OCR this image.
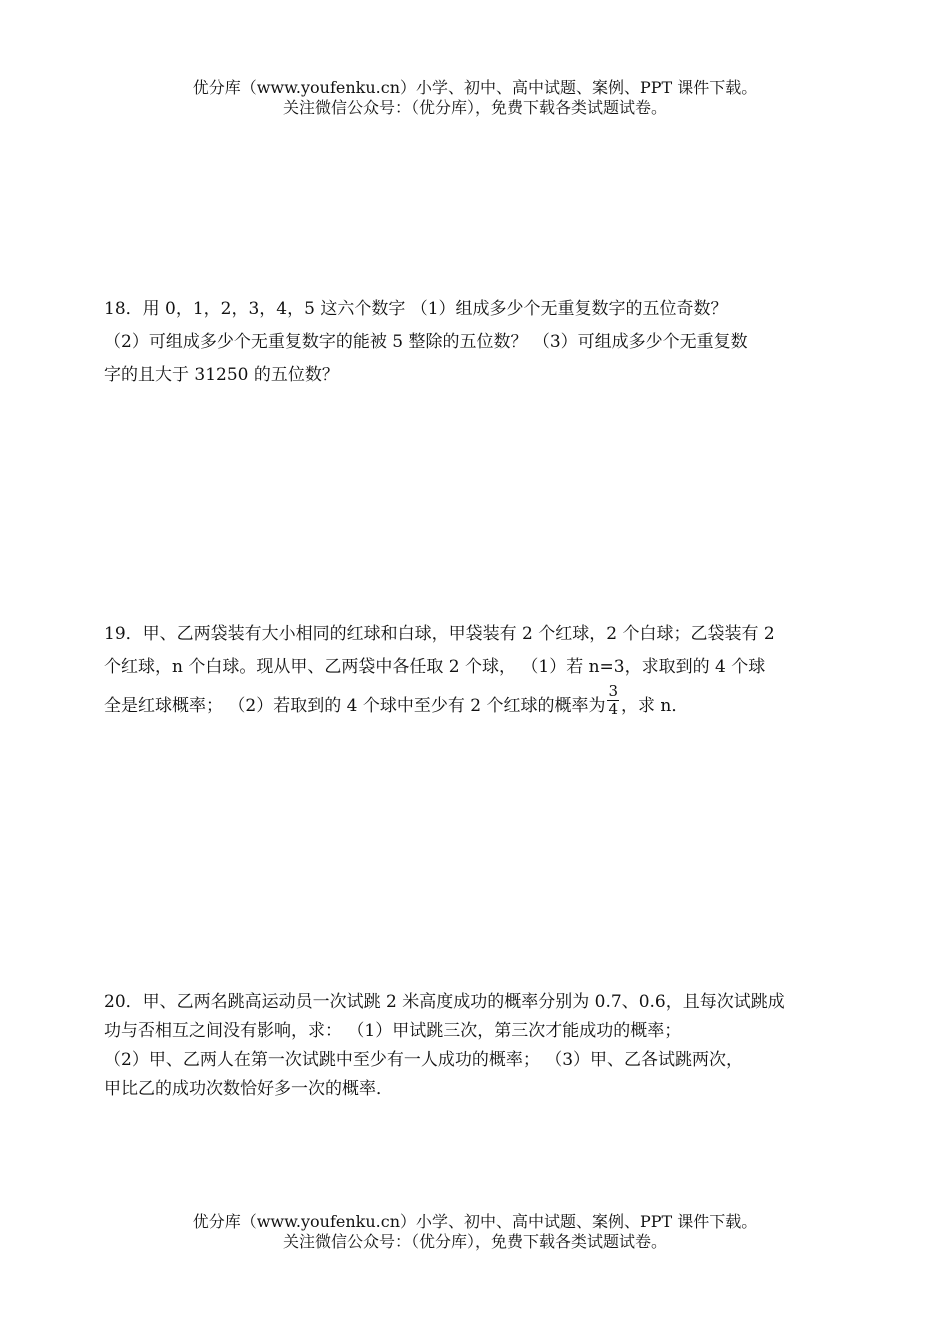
优分库（www.youfenku.cn）小学、初中、高中试题、案例、PPT 课件下载。
关注微信公众号：（优分库），免费下载各类试题试卷。
18．用 0，1，2，3，4，5 这六个数字 （1）组成多少个无重复数字的五位奇数？
（2）可组成多少个无重复数字的能被 5 整除的五位数？ （3）可组成多少个无重复数
字的且大于 31250 的五位数？
19．甲、乙两袋装有大小相同的红球和白球，甲袋装有 2 个红球，2 个白球；乙袋装有 2
个红球，n 个白球。现从甲、乙两袋中各任取 2 个球， （1）若 n=3，求取到的 4 个球
全是红球概率； （2）若取到的 4 个球中至少有 2 个红球的概率为 $\frac{3}{4}$ ，求 n．
20．甲、乙两名跳高运动员一次试跳 2 米高度成功的概率分别为 0.7、0.6，且每次试跳成
功与否相互之间没有影响，求： （1）甲试跳三次，第三次才能成功的概率；
（2）甲、乙两人在第一次试跳中至少有一人成功的概率； （3）甲、乙各试跳两次，
甲比乙的成功次数恰好多一次的概率．
优分库（www.youfenku.cn）小学、初中、高中试题、案例、PPT 课件下载。
关注微信公众号：（优分库），免费下载各类试题试卷。
